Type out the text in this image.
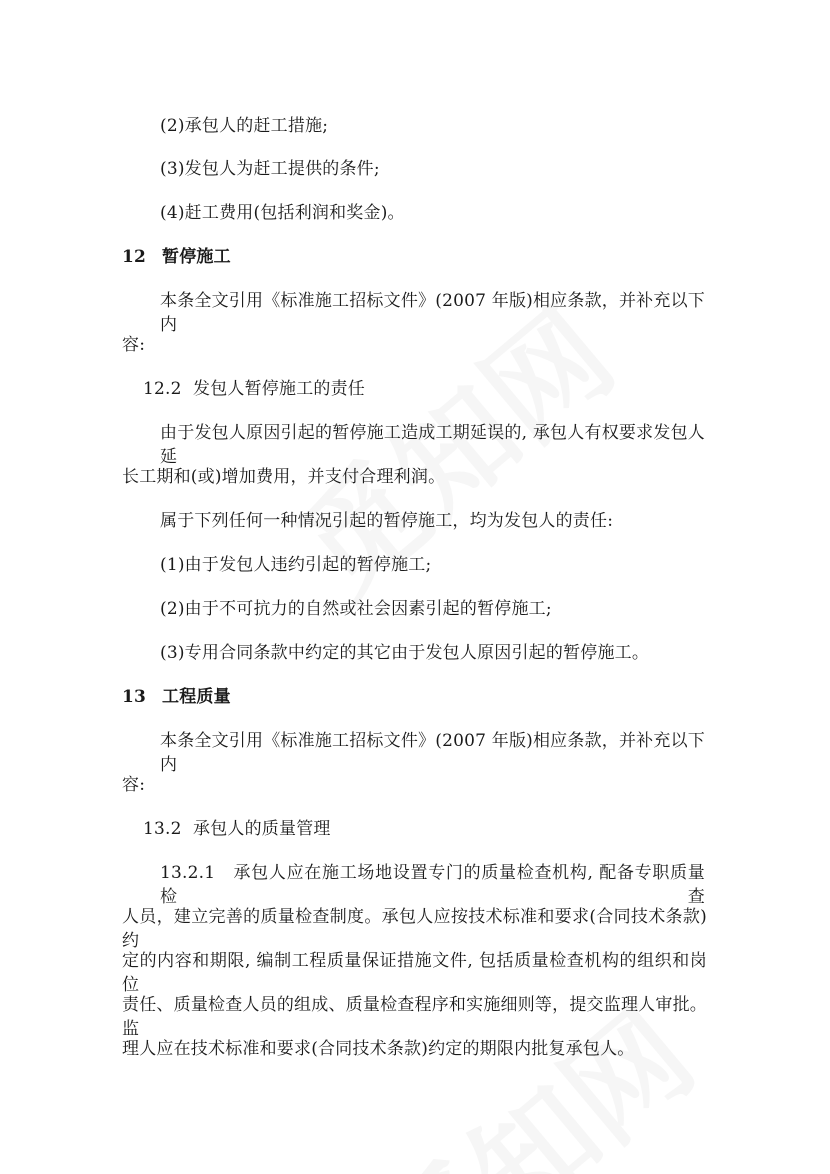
(2)承包人的赶工措施;
(3)发包人为赶工提供的条件;
(4)赶工费用(包括利润和奖金)。
12 暂停施工
本条全文引用《标准施工招标文件》(2007 年版)相应条款，并补充以下内
容:
12.2 发包人暂停施工的责任
由于发包人原因引起的暂停施工造成工期延误的, 承包人有权要求发包人延
长工期和(或)增加费用，并支付合理利润。
属于下列任何一种情况引起的暂停施工，均为发包人的责任:
(1)由于发包人违约引起的暂停施工;
(2)由于不可抗力的自然或社会因素引起的暂停施工;
(3)专用合同条款中约定的其它由于发包人原因引起的暂停施工。
13 工程质量
本条全文引用《标准施工招标文件》(2007 年版)相应条款，并补充以下内
容:
13.2 承包人的质量管理
13.2.1　承包人应在施工场地设置专门的质量检查机构, 配备专职质量检查
人员，建立完善的质量检查制度。承包人应按技术标准和要求(合同技术条款)约
定的内容和期限, 编制工程质量保证措施文件, 包括质量检查机构的组织和岗位
责任、质量检查人员的组成、质量检查程序和实施细则等，提交监理人审批。监
理人应在技术标准和要求(合同技术条款)约定的期限内批复承包人。
